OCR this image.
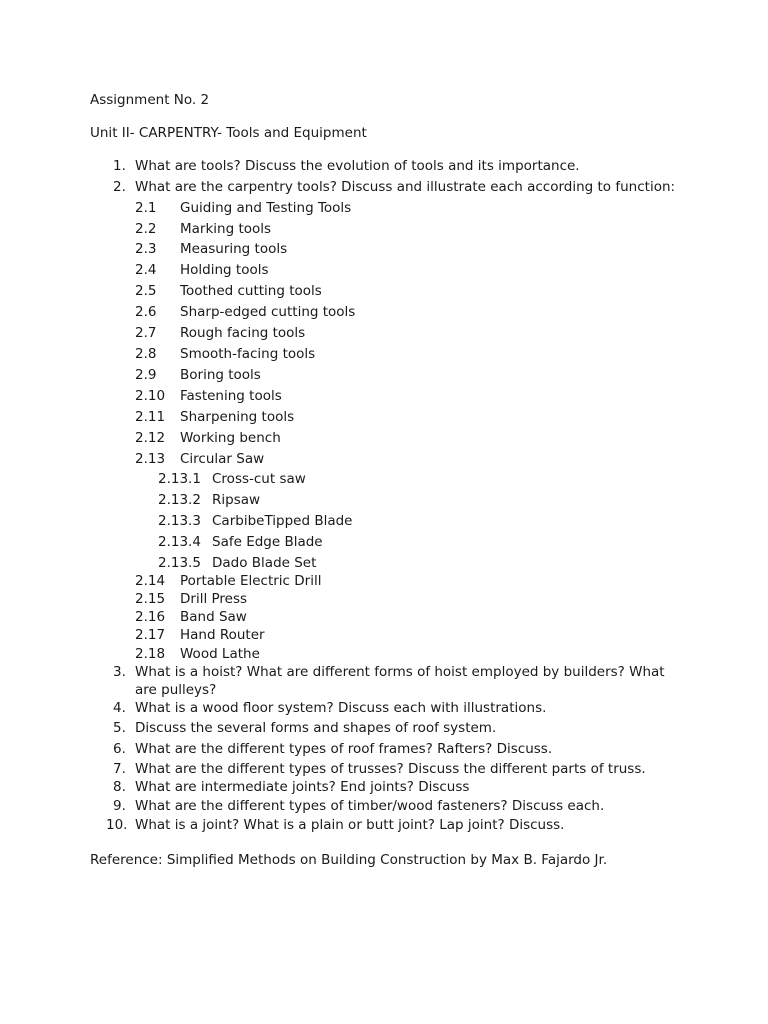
Assignment No. 2
Unit II- CARPENTRY- Tools and Equipment
1. What are tools? Discuss the evolution of tools and its importance.
2. What are the carpentry tools? Discuss and illustrate each according to function:
2.1 Guiding and Testing Tools
2.2 Marking tools
2.3 Measuring tools
2.4 Holding tools
2.5 Toothed cutting tools
2.6 Sharp-edged cutting tools
2.7 Rough facing tools
2.8 Smooth-facing tools
2.9 Boring tools
2.10 Fastening tools
2.11 Sharpening tools
2.12 Working bench
2.13 Circular Saw
2.13.1 Cross-cut saw
2.13.2 Ripsaw
2.13.3 CarbibeTipped Blade
2.13.4 Safe Edge Blade
2.13.5 Dado Blade Set
2.14 Portable Electric Drill
2.15 Drill Press
2.16 Band Saw
2.17 Hand Router
2.18 Wood Lathe
3. What is a hoist? What are different forms of hoist employed by builders? What
are pulleys?
4. What is a wood floor system? Discuss each with illustrations.
5. Discuss the several forms and shapes of roof system.
6. What are the different types of roof frames? Rafters? Discuss.
7. What are the different types of trusses? Discuss the different parts of truss.
8. What are intermediate joints? End joints? Discuss
9. What are the different types of timber/wood fasteners? Discuss each.
10. What is a joint? What is a plain or butt joint? Lap joint? Discuss.
Reference: Simplified Methods on Building Construction by Max B. Fajardo Jr.
